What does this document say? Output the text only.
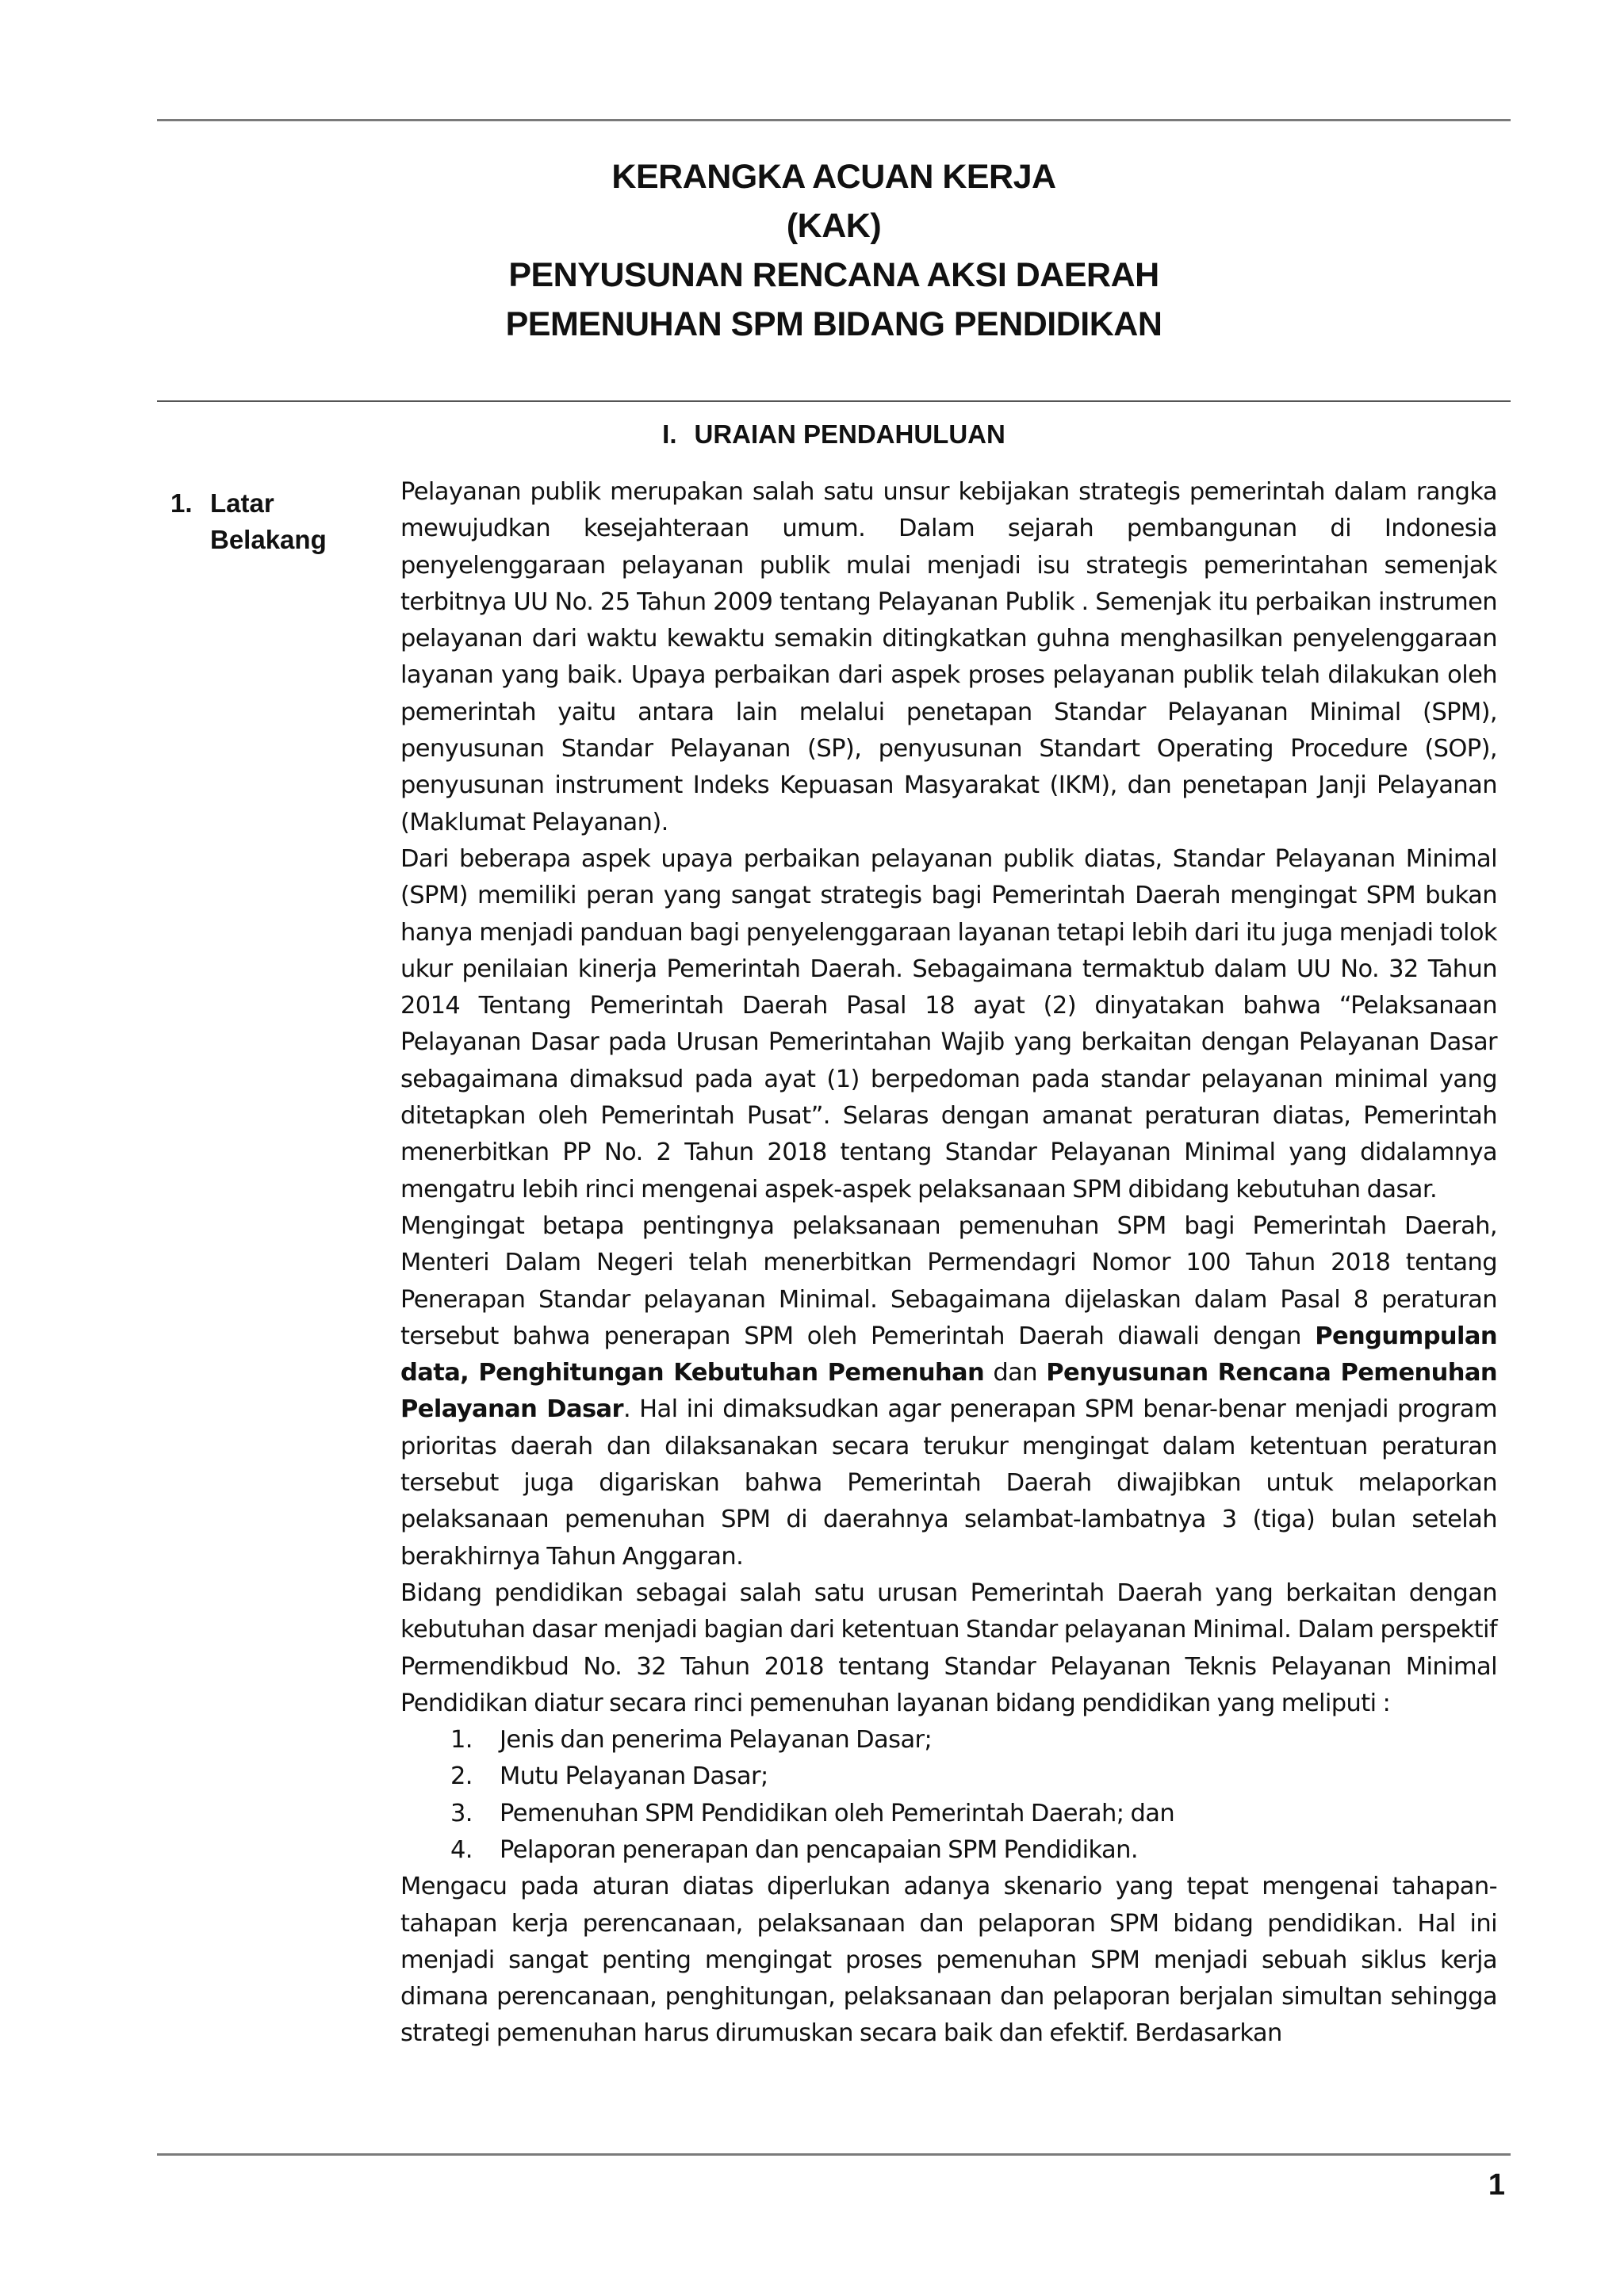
KERANGKA ACUAN KERJA
(KAK)
PENYUSUNAN RENCANA AKSI DAERAH
PEMENUHAN SPM BIDANG PENDIDIKAN
I. URAIAN PENDAHULUAN
1. Latar
Belakang

Pelayanan publik merupakan salah satu unsur kebijakan strategis pemerintah dalam rangka mewujudkan kesejahteraan umum. Dalam sejarah pembangunan di Indonesia penyelenggaraan pelayanan publik mulai menjadi isu strategis pemerintahan semenjak terbitnya UU No. 25 Tahun 2009 tentang Pelayanan Publik . Semenjak itu perbaikan instrumen pelayanan dari waktu kewaktu semakin ditingkatkan guhna menghasilkan penyelenggaraan layanan yang baik. Upaya perbaikan dari aspek proses pelayanan publik telah dilakukan oleh pemerintah yaitu antara lain melalui penetapan Standar Pelayanan Minimal (SPM), penyusunan Standar Pelayanan (SP), penyusunan Standart Operating Procedure (SOP), penyusunan instrument Indeks Kepuasan Masyarakat (IKM), dan penetapan Janji Pelayanan (Maklumat Pelayanan).

Dari beberapa aspek upaya perbaikan pelayanan publik diatas, Standar Pelayanan Minimal (SPM) memiliki peran yang sangat strategis bagi Pemerintah Daerah mengingat SPM bukan hanya menjadi panduan bagi penyelenggaraan layanan tetapi lebih dari itu juga menjadi tolok ukur penilaian kinerja Pemerintah Daerah. Sebagaimana termaktub dalam UU No. 32 Tahun 2014 Tentang Pemerintah Daerah Pasal 18 ayat (2) dinyatakan bahwa “Pelaksanaan Pelayanan Dasar pada Urusan Pemerintahan Wajib yang berkaitan dengan Pelayanan Dasar sebagaimana dimaksud pada ayat (1) berpedoman pada standar pelayanan minimal yang ditetapkan oleh Pemerintah Pusat”. Selaras dengan amanat peraturan diatas, Pemerintah menerbitkan PP No. 2 Tahun 2018 tentang Standar Pelayanan Minimal yang didalamnya mengatru lebih rinci mengenai aspek-aspek pelaksanaan SPM dibidang kebutuhan dasar.

Mengingat betapa pentingnya pelaksanaan pemenuhan SPM bagi Pemerintah Daerah, Menteri Dalam Negeri telah menerbitkan Permendagri Nomor 100 Tahun 2018 tentang Penerapan Standar pelayanan Minimal. Sebagaimana dijelaskan dalam Pasal 8 peraturan tersebut bahwa penerapan SPM oleh Pemerintah Daerah diawali dengan Pengumpulan data, Penghitungan Kebutuhan Pemenuhan dan Penyusunan Rencana Pemenuhan Pelayanan Dasar. Hal ini dimaksudkan agar penerapan SPM benar-benar menjadi program prioritas daerah dan dilaksanakan secara terukur mengingat dalam ketentuan peraturan tersebut juga digariskan bahwa Pemerintah Daerah diwajibkan untuk melaporkan pelaksanaan pemenuhan SPM di daerahnya selambat-lambatnya 3 (tiga) bulan setelah berakhirnya Tahun Anggaran.

Bidang pendidikan sebagai salah satu urusan Pemerintah Daerah yang berkaitan dengan kebutuhan dasar menjadi bagian dari ketentuan Standar pelayanan Minimal. Dalam perspektif Permendikbud No. 32 Tahun 2018 tentang Standar Pelayanan Teknis Pelayanan Minimal Pendidikan diatur secara rinci pemenuhan layanan bidang pendidikan yang meliputi :

1.	Jenis dan penerima Pelayanan Dasar;
2.	Mutu Pelayanan Dasar;
3.	Pemenuhan SPM Pendidikan oleh Pemerintah Daerah; dan
4.	Pelaporan penerapan dan pencapaian SPM Pendidikan.

Mengacu pada aturan diatas diperlukan adanya skenario yang tepat mengenai tahapan-tahapan kerja perencanaan, pelaksanaan dan pelaporan SPM bidang pendidikan. Hal ini menjadi sangat penting mengingat proses pemenuhan SPM menjadi sebuah siklus kerja dimana perencanaan, penghitungan, pelaksanaan dan pelaporan berjalan simultan sehingga strategi pemenuhan harus dirumuskan secara baik dan efektif. Berdasarkan

1
